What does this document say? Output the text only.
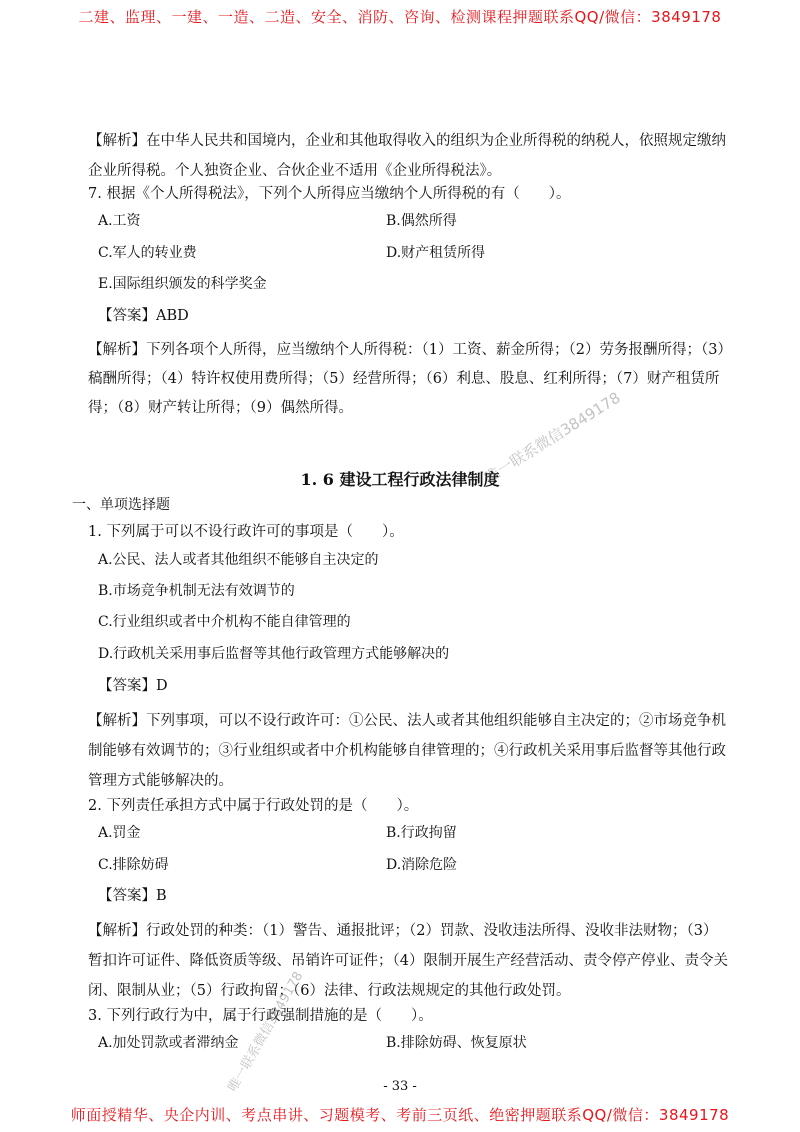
二建、监理、一建、一造、二造、安全、消防、咨询、检测课程押题联系QQ/微信：3849178
【解析】在中华人民共和国境内，企业和其他取得收入的组织为企业所得税的纳税人，依照规定缴纳企业所得税。个人独资企业、合伙企业不适用《企业所得税法》。
7. 根据《个人所得税法》，下列个人所得应当缴纳个人所得税的有（　　）。
A.工资	B.偶然所得
C.军人的转业费	D.财产租赁所得
E.国际组织颁发的科学奖金
【答案】ABD
【解析】下列各项个人所得，应当缴纳个人所得税：（1）工资、薪金所得；（2）劳务报酬所得；（3）稿酬所得；（4）特许权使用费所得；（5）经营所得；（6）利息、股息、红利所得；（7）财产租赁所得；（8）财产转让所得；（9）偶然所得。
1. 6 建设工程行政法律制度
一、单项选择题
1. 下列属于可以不设行政许可的事项是（　　）。
A.公民、法人或者其他组织不能够自主决定的
B.市场竞争机制无法有效调节的
C.行业组织或者中介机构不能自律管理的
D.行政机关采用事后监督等其他行政管理方式能够解决的
【答案】D
【解析】下列事项，可以不设行政许可：①公民、法人或者其他组织能够自主决定的；②市场竞争机制能够有效调节的；③行业组织或者中介机构能够自律管理的；④行政机关采用事后监督等其他行政管理方式能够解决的。
2. 下列责任承担方式中属于行政处罚的是（　　）。
A.罚金	B.行政拘留
C.排除妨碍	D.消除危险
【答案】B
【解析】行政处罚的种类：（1）警告、通报批评；（2）罚款、没收违法所得、没收非法财物；（3）暂扣许可证件、降低资质等级、吊销许可证件；（4）限制开展生产经营活动、责令停产停业、责令关闭、限制从业；（5）行政拘留；（6）法律、行政法规规定的其他行政处罚。
3. 下列行政行为中，属于行政强制措施的是（　　）。
A.加处罚款或者滞纳金	B.排除妨碍、恢复原状
- 33 -
唯一联系微信3849178
唯一联系微信3849178
师面授精华、央企内训、考点串讲、习题模考、考前三页纸、绝密押题联系QQ/微信：3849178
